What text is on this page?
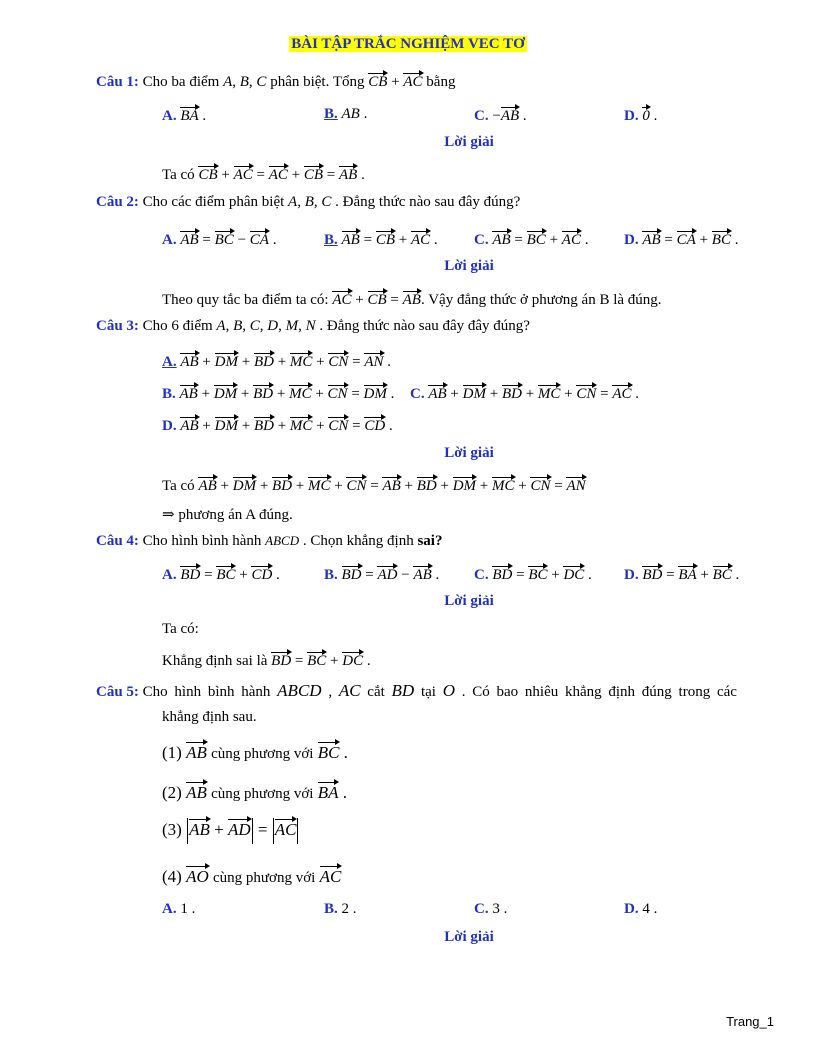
BÀI TẬP TRẮC NGHIỆM VEC TƠ
Câu 1: Cho ba điểm A, B, C phân biệt. Tổng CB + AC bằng
A. BA .	B. AB .	C. −AB .	D. 0 .
Lời giải
Ta có CB + AC = AC + CB = AB .
Câu 2: Cho các điểm phân biệt A, B, C . Đẳng thức nào sau đây đúng?
A. AB = BC − CA .	B. AB = CB + AC . C. AB = BC + AC . D. AB = CA + BC .
Lời giải
Theo quy tắc ba điểm ta có: AC + CB = AB. Vậy đẳng thức ở phương án B là đúng.
Câu 3: Cho 6 điểm A, B, C, D, M, N . Đẳng thức nào sau đây đây đúng?
A. AB + DM + BD + MC + CN = AN .
B. AB + DM + BD + MC + CN = DM . C. AB + DM + BD + MC + CN = AC .
D. AB + DM + BD + MC + CN = CD .
Lời giải
Ta có AB + DM + BD + MC + CN = AB + BD + DM + MC + CN = AN
⇒ phương án A đúng.
Câu 4: Cho hình bình hành ABCD . Chọn khẳng định sai?
A. BD = BC + CD .	B. BD = AD − AB . C. BD = BC + DC . D. BD = BA + BC .
Lời giải
Ta có:
Khẳng định sai là BD = BC + DC .
Câu 5: Cho hình bình hành ABCD , AC cắt BD tại O . Có bao nhiêu khẳng định đúng trong các
khẳng định sau.
(1) AB cùng phương với BC .
(2) AB cùng phương với BA .
(3) AB + AD = AC
(4) AO cùng phương với AC
A. 1 .	B. 2 .	C. 3 .	D. 4 .
Lời giải
Trang_1
